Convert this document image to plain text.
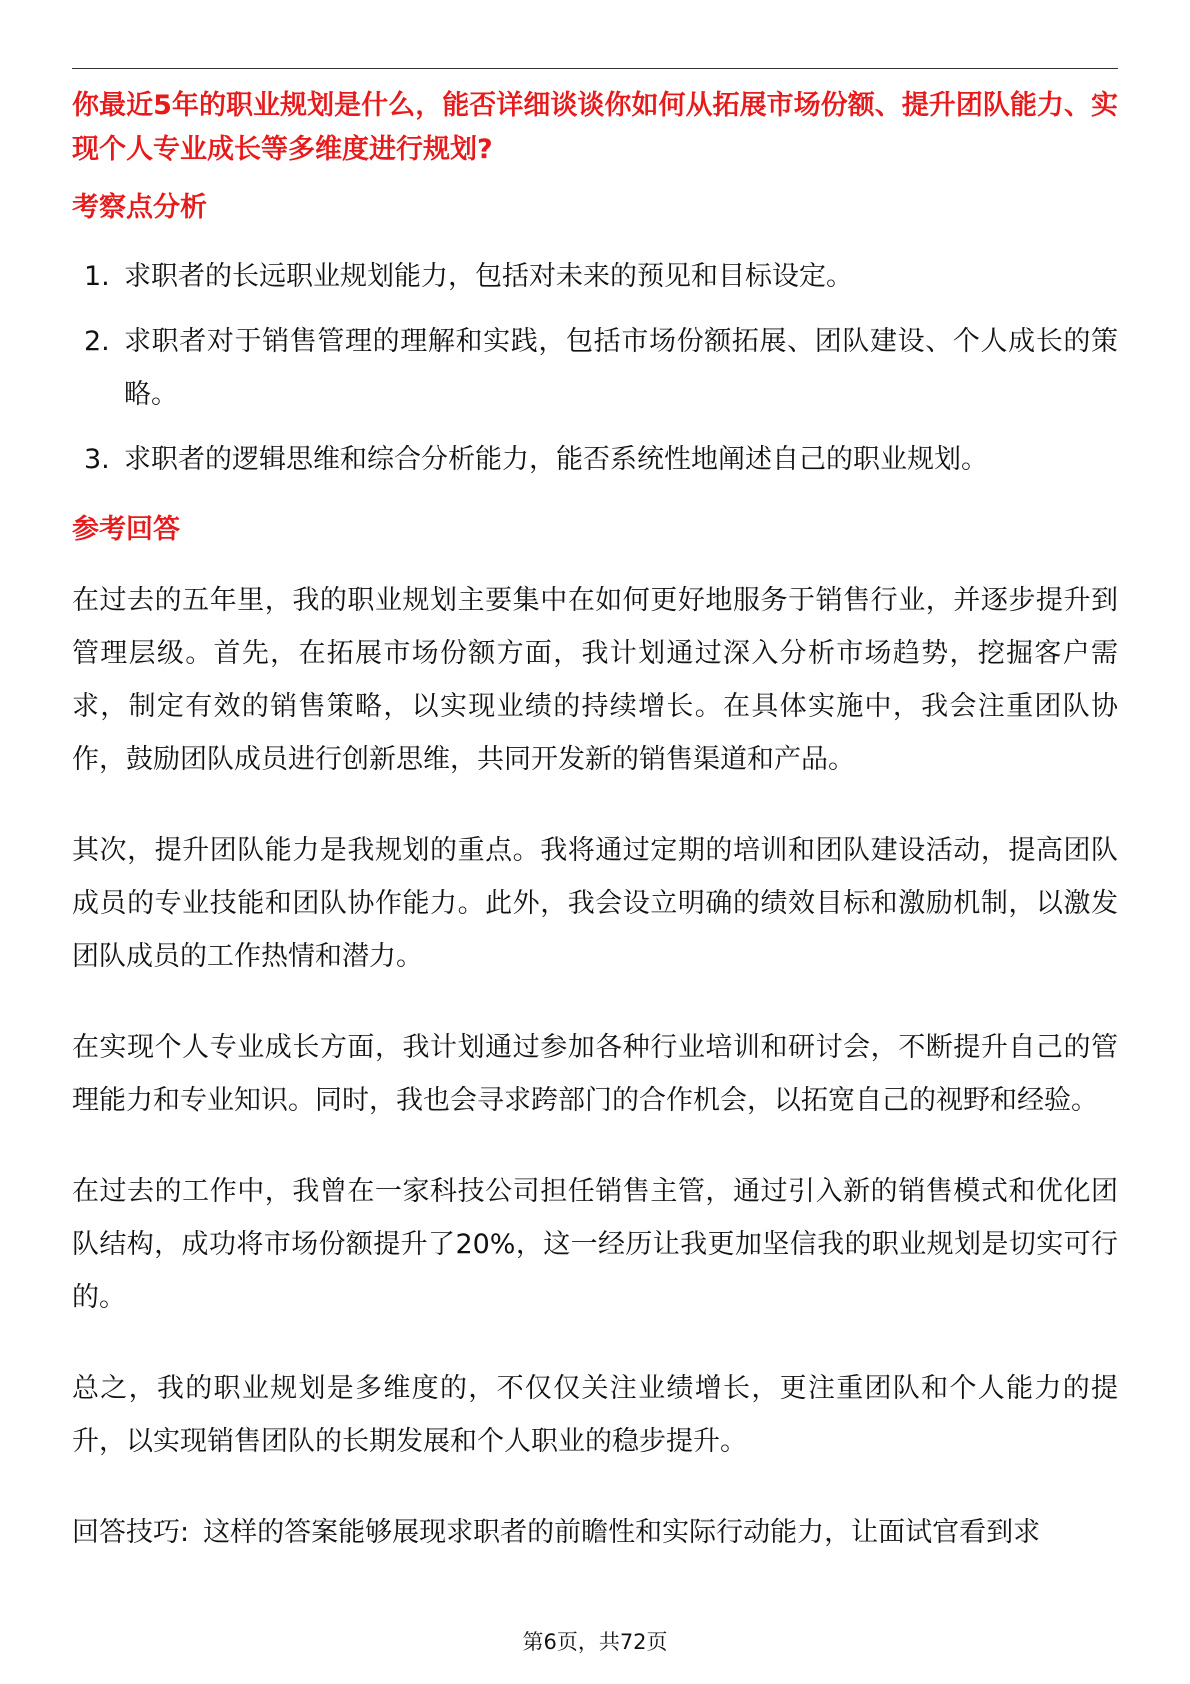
你最近5年的职业规划是什么，能否详细谈谈你如何从拓展市场份额、提升团队能力、实现个人专业成长等多维度进行规划?

考察点分析
1. 求职者的长远职业规划能力，包括对未来的预见和目标设定。
2. 求职者对于销售管理的理解和实践，包括市场份额拓展、团队建设、个人成长的策略。
3. 求职者的逻辑思维和综合分析能力，能否系统性地阐述自己的职业规划。
参考回答

在过去的五年里，我的职业规划主要集中在如何更好地服务于销售行业，并逐步提升到管理层级。首先，在拓展市场份额方面，我计划通过深入分析市场趋势，挖掘客户需求，制定有效的销售策略，以实现业绩的持续增长。在具体实施中，我会注重团队协作，鼓励团队成员进行创新思维，共同开发新的销售渠道和产品。

其次，提升团队能力是我规划的重点。我将通过定期的培训和团队建设活动，提高团队成员的专业技能和团队协作能力。此外，我会设立明确的绩效目标和激励机制，以激发团队成员的工作热情和潜力。

在实现个人专业成长方面，我计划通过参加各种行业培训和研讨会，不断提升自己的管理能力和专业知识。同时，我也会寻求跨部门的合作机会，以拓宽自己的视野和经验。

在过去的工作中，我曾在一家科技公司担任销售主管，通过引入新的销售模式和优化团队结构，成功将市场份额提升了20%，这一经历让我更加坚信我的职业规划是切实可行的。

总之，我的职业规划是多维度的，不仅仅关注业绩增长，更注重团队和个人能力的提升，以实现销售团队的长期发展和个人职业的稳步提升。

回答技巧: 这样的答案能够展现求职者的前瞻性和实际行动能力，让面试官看到求
第6页，共72页
